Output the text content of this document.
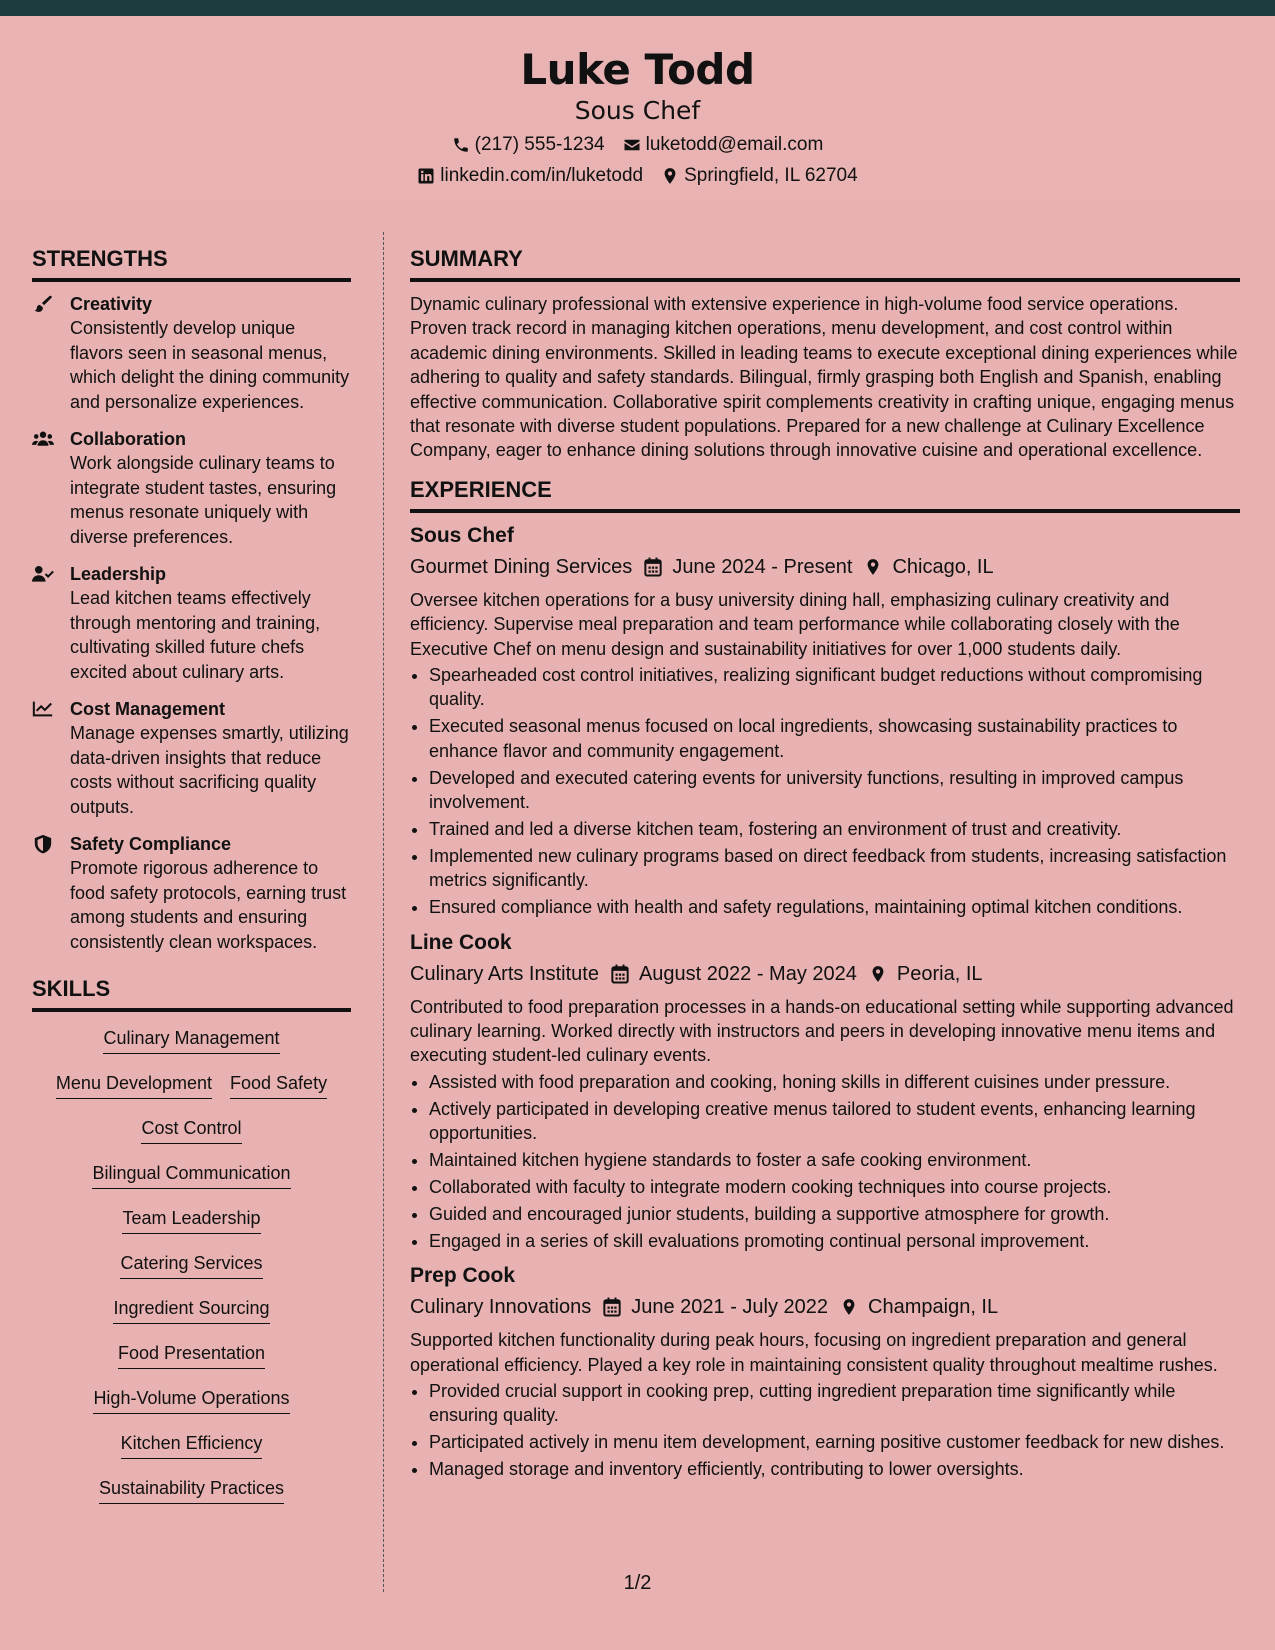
Luke Todd
Sous Chef
(217) 555-1234 luketodd@email.com
linkedin.com/in/luketodd Springfield, IL 62704
STRENGTHS
Creativity
Consistently develop unique flavors seen in seasonal menus, which delight the dining community and personalize experiences.
Collaboration
Work alongside culinary teams to integrate student tastes, ensuring menus resonate uniquely with diverse preferences.
Leadership
Lead kitchen teams effectively through mentoring and training, cultivating skilled future chefs excited about culinary arts.
Cost Management
Manage expenses smartly, utilizing data-driven insights that reduce costs without sacrificing quality outputs.
Safety Compliance
Promote rigorous adherence to food safety protocols, earning trust among students and ensuring consistently clean workspaces.
SKILLS
Culinary Management
Menu Development Food Safety
Cost Control
Bilingual Communication
Team Leadership
Catering Services
Ingredient Sourcing
Food Presentation
High-Volume Operations
Kitchen Efficiency
Sustainability Practices
SUMMARY
Dynamic culinary professional with extensive experience in high-volume food service operations. Proven track record in managing kitchen operations, menu development, and cost control within academic dining environments. Skilled in leading teams to execute exceptional dining experiences while adhering to quality and safety standards. Bilingual, firmly grasping both English and Spanish, enabling effective communication. Collaborative spirit complements creativity in crafting unique, engaging menus that resonate with diverse student populations. Prepared for a new challenge at Culinary Excellence Company, eager to enhance dining solutions through innovative cuisine and operational excellence.
EXPERIENCE
Sous Chef
Gourmet Dining Services June 2024 - Present Chicago, IL
Oversee kitchen operations for a busy university dining hall, emphasizing culinary creativity and efficiency. Supervise meal preparation and team performance while collaborating closely with the Executive Chef on menu design and sustainability initiatives for over 1,000 students daily.
• Spearheaded cost control initiatives, realizing significant budget reductions without compromising quality.
• Executed seasonal menus focused on local ingredients, showcasing sustainability practices to enhance flavor and community engagement.
• Developed and executed catering events for university functions, resulting in improved campus involvement.
• Trained and led a diverse kitchen team, fostering an environment of trust and creativity.
• Implemented new culinary programs based on direct feedback from students, increasing satisfaction metrics significantly.
• Ensured compliance with health and safety regulations, maintaining optimal kitchen conditions.
Line Cook
Culinary Arts Institute August 2022 - May 2024 Peoria, IL
Contributed to food preparation processes in a hands-on educational setting while supporting advanced culinary learning. Worked directly with instructors and peers in developing innovative menu items and executing student-led culinary events.
• Assisted with food preparation and cooking, honing skills in different cuisines under pressure.
• Actively participated in developing creative menus tailored to student events, enhancing learning opportunities.
• Maintained kitchen hygiene standards to foster a safe cooking environment.
• Collaborated with faculty to integrate modern cooking techniques into course projects.
• Guided and encouraged junior students, building a supportive atmosphere for growth.
• Engaged in a series of skill evaluations promoting continual personal improvement.
Prep Cook
Culinary Innovations June 2021 - July 2022 Champaign, IL
Supported kitchen functionality during peak hours, focusing on ingredient preparation and general operational efficiency. Played a key role in maintaining consistent quality throughout mealtime rushes.
• Provided crucial support in cooking prep, cutting ingredient preparation time significantly while ensuring quality.
• Participated actively in menu item development, earning positive customer feedback for new dishes.
• Managed storage and inventory efficiently, contributing to lower oversights.
1/2
